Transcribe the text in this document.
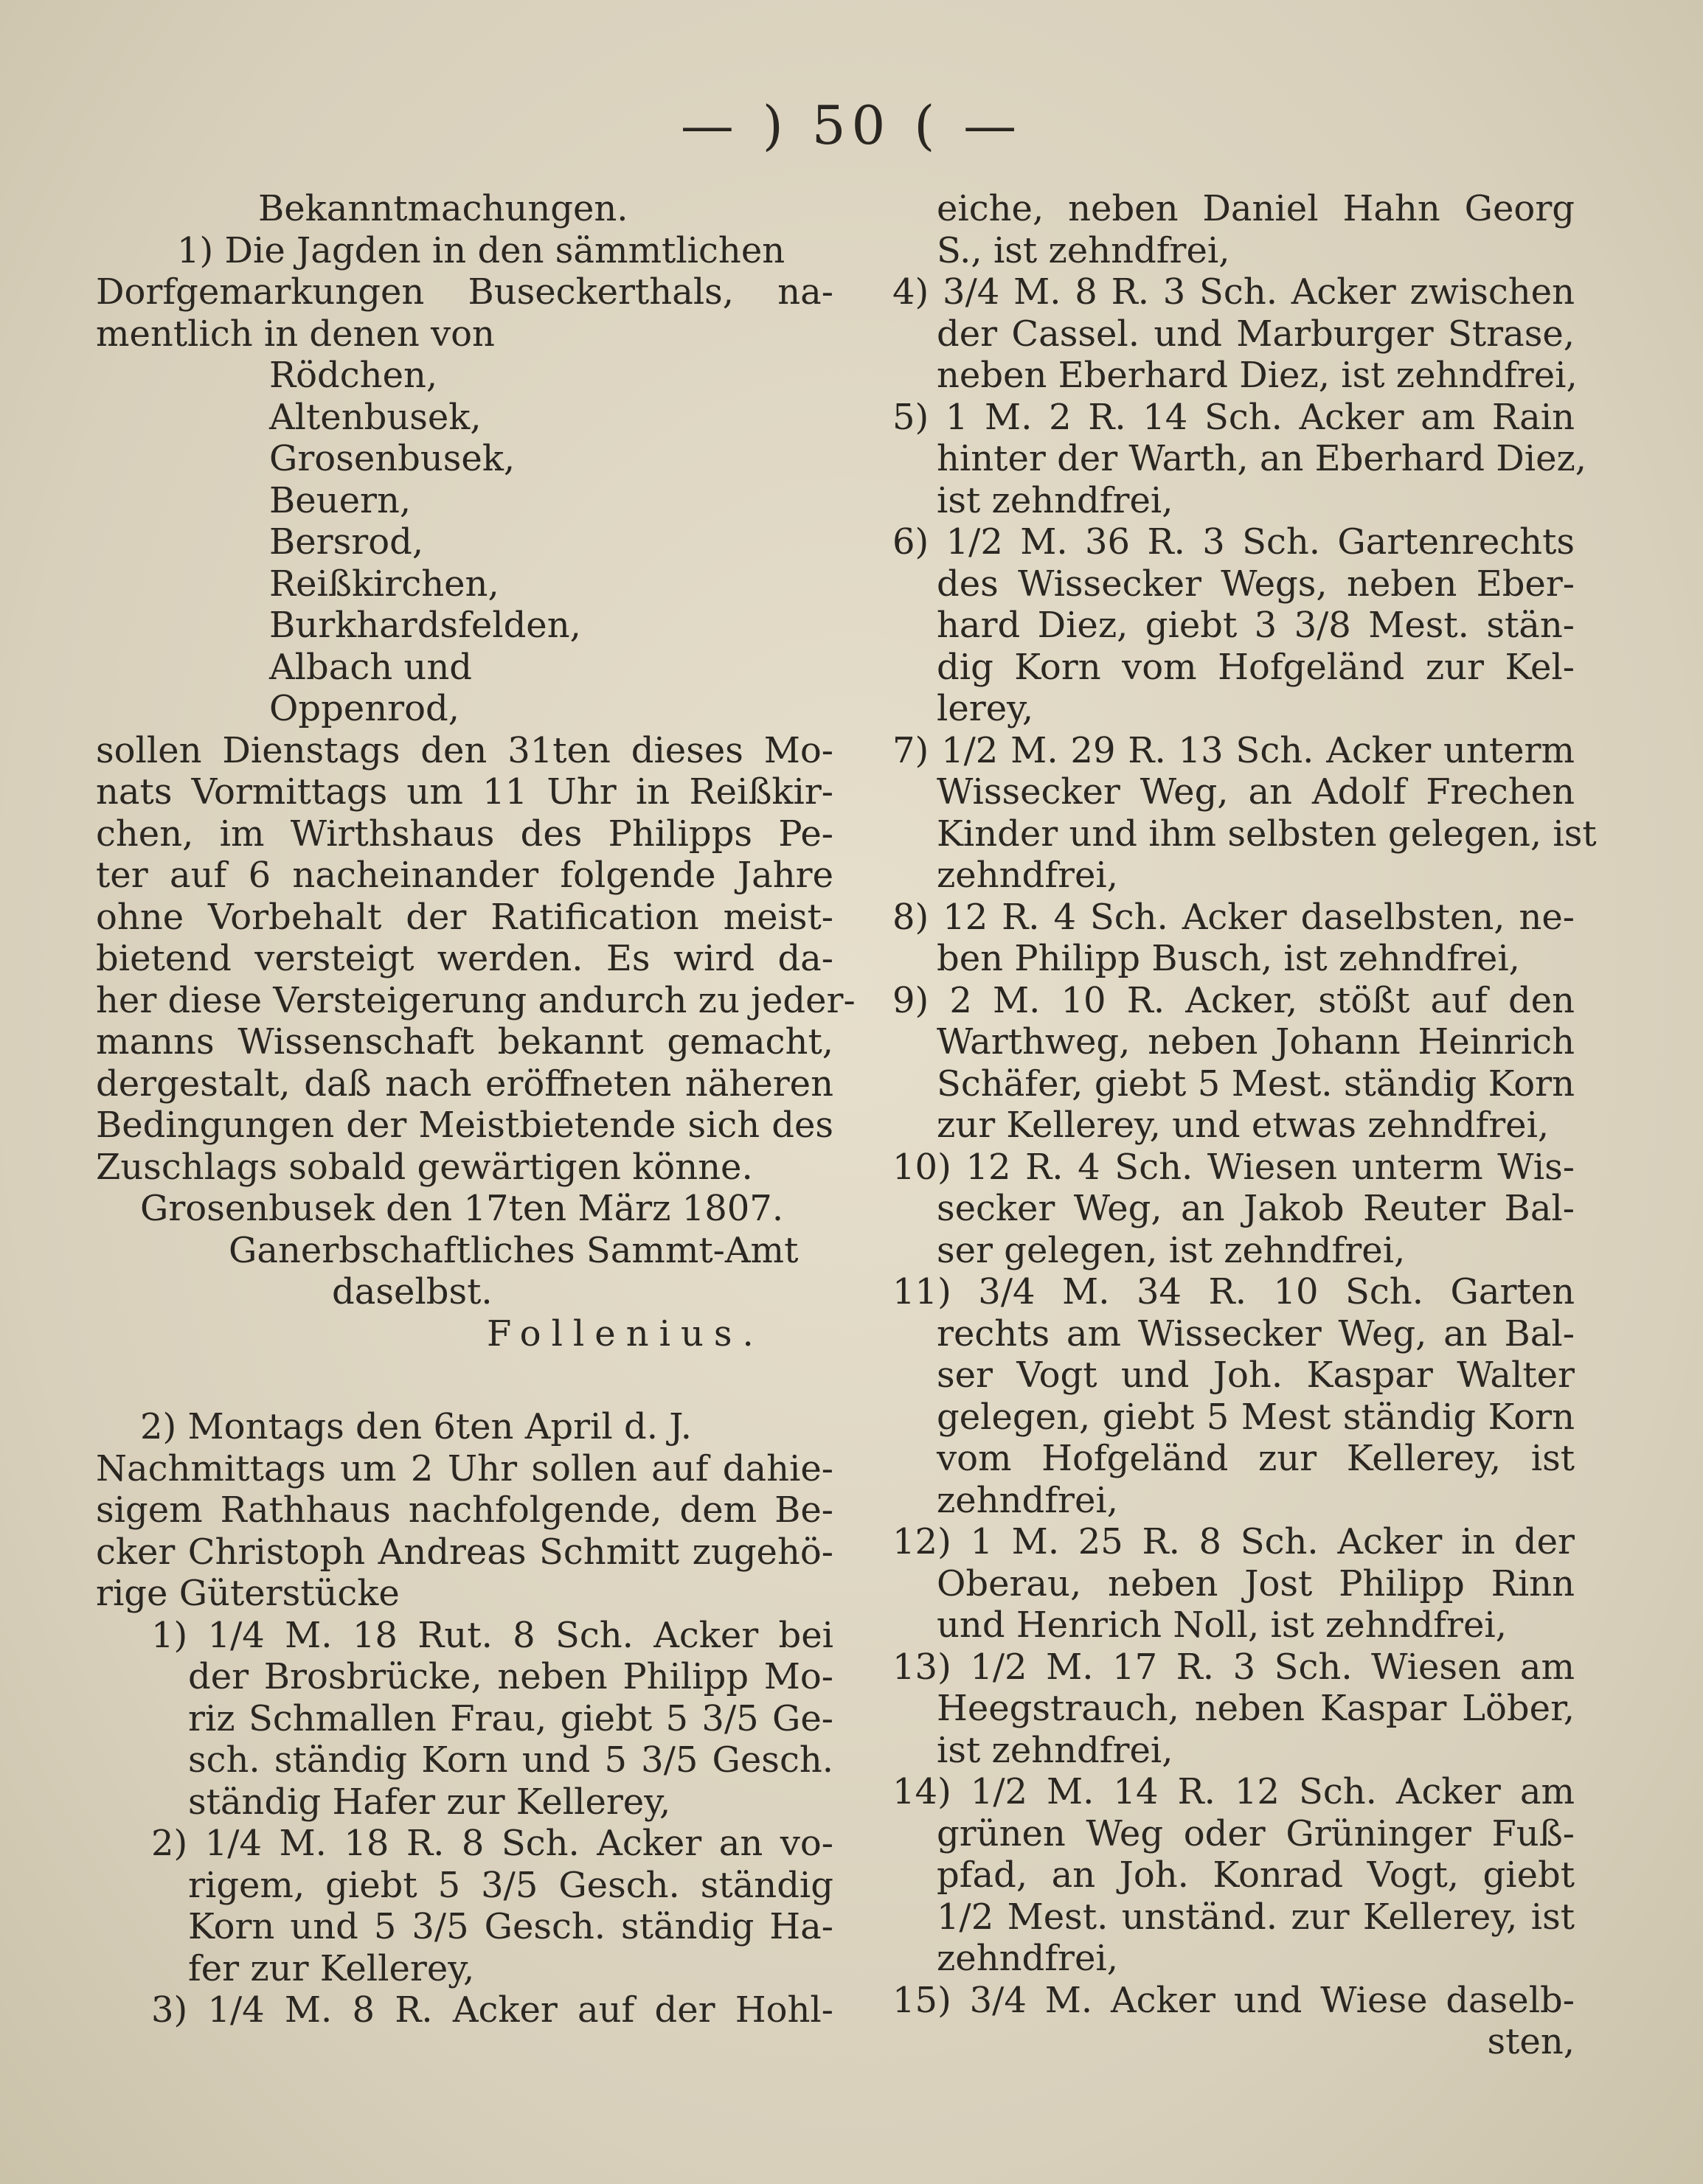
— ) 50 ( —
Bekanntmachungen.
1) Die Jagden in den sämmtlichen
Dorfgemarkungen Buseckerthals, na-
mentlich in denen von
Rödchen,
Altenbusek,
Grosenbusek,
Beuern,
Bersrod,
Reißkirchen,
Burkhardsfelden,
Albach und
Oppenrod,
sollen Dienstags den 31ten dieses Mo-
nats Vormittags um 11 Uhr in Reißkir-
chen, im Wirthshaus des Philipps Pe-
ter auf 6 nacheinander folgende Jahre
ohne Vorbehalt der Ratification meist-
bietend versteigt werden. Es wird da-
her diese Versteigerung andurch zu jeder-
manns Wissenschaft bekannt gemacht,
dergestalt, daß nach eröffneten näheren
Bedingungen der Meistbietende sich des
Zuschlags sobald gewärtigen könne.
Grosenbusek den 17ten März 1807.
Ganerbschaftliches Sammt-Amt
daselbst.
Follenius.
2) Montags den 6ten April d. J.
Nachmittags um 2 Uhr sollen auf dahie-
sigem Rathhaus nachfolgende, dem Be-
cker Christoph Andreas Schmitt zugehö-
rige Güterstücke
1) 1/4 M. 18 Rut. 8 Sch. Acker bei
der Brosbrücke, neben Philipp Mo-
riz Schmallen Frau, giebt 5 3/5 Ge-
sch. ständig Korn und 5 3/5 Gesch.
ständig Hafer zur Kellerey,
2) 1/4 M. 18 R. 8 Sch. Acker an vo-
rigem, giebt 5 3/5 Gesch. ständig
Korn und 5 3/5 Gesch. ständig Ha-
fer zur Kellerey,
3) 1/4 M. 8 R. Acker auf der Hohl-
eiche, neben Daniel Hahn Georg
S., ist zehndfrei,
4) 3/4 M. 8 R. 3 Sch. Acker zwischen
der Cassel. und Marburger Strase,
neben Eberhard Diez, ist zehndfrei,
5) 1 M. 2 R. 14 Sch. Acker am Rain
hinter der Warth, an Eberhard Diez,
ist zehndfrei,
6) 1/2 M. 36 R. 3 Sch. Gartenrechts
des Wissecker Wegs, neben Eber-
hard Diez, giebt 3 3/8 Mest. stän-
dig Korn vom Hofgeländ zur Kel-
lerey,
7) 1/2 M. 29 R. 13 Sch. Acker unterm
Wissecker Weg, an Adolf Frechen
Kinder und ihm selbsten gelegen, ist
zehndfrei,
8) 12 R. 4 Sch. Acker daselbsten, ne-
ben Philipp Busch, ist zehndfrei,
9) 2 M. 10 R. Acker, stößt auf den
Warthweg, neben Johann Heinrich
Schäfer, giebt 5 Mest. ständig Korn
zur Kellerey, und etwas zehndfrei,
10) 12 R. 4 Sch. Wiesen unterm Wis-
secker Weg, an Jakob Reuter Bal-
ser gelegen, ist zehndfrei,
11) 3/4 M. 34 R. 10 Sch. Garten
rechts am Wissecker Weg, an Bal-
ser Vogt und Joh. Kaspar Walter
gelegen, giebt 5 Mest ständig Korn
vom Hofgeländ zur Kellerey, ist
zehndfrei,
12) 1 M. 25 R. 8 Sch. Acker in der
Oberau, neben Jost Philipp Rinn
und Henrich Noll, ist zehndfrei,
13) 1/2 M. 17 R. 3 Sch. Wiesen am
Heegstrauch, neben Kaspar Löber,
ist zehndfrei,
14) 1/2 M. 14 R. 12 Sch. Acker am
grünen Weg oder Grüninger Fuß-
pfad, an Joh. Konrad Vogt, giebt
1/2 Mest. unständ. zur Kellerey, ist
zehndfrei,
15) 3/4 M. Acker und Wiese daselb-
sten,
